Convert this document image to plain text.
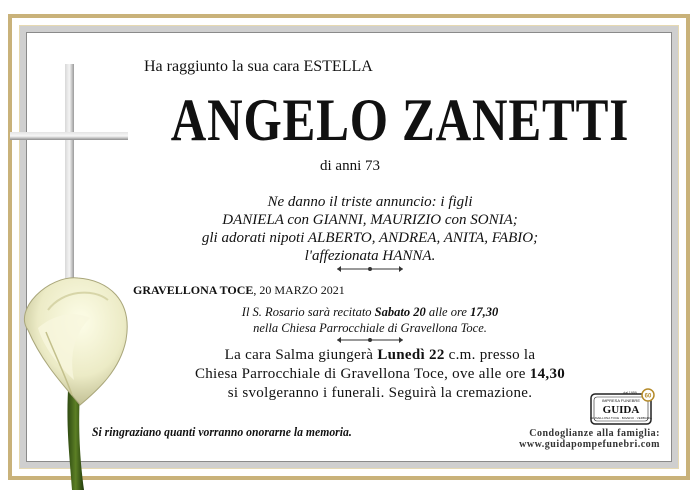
Ha raggiunto la sua cara ESTELLA
ANGELO ZANETTI
di anni 73
Ne danno il triste annuncio: i figli
DANIELA con GIANNI, MAURIZIO con SONIA;
gli adorati nipoti ALBERTO, ANDREA, ANITA, FABIO;
l'affezionata HANNA.
GRAVELLONA TOCE, 20 MARZO 2021
Il S. Rosario sarà recitato Sabato 20 alle ore 17,30
nella Chiesa Parrocchiale di Gravellona Toce.
La cara Salma giungerà Lunedì 22 c.m. presso la
Chiesa Parrocchiale di Gravellona Toce, ove alle ore 14,30
si svolgeranno i funerali. Seguirà la cremazione.
Si ringraziano quanti vorranno onorarne la memoria.
60
IMPRESA FUNEBRE
dal 1959
GUIDA
GRAVELLONA TOCE · BAVENO · VERBANIA
Condoglianze alla famiglia:
www.guidapompefunebri.com
